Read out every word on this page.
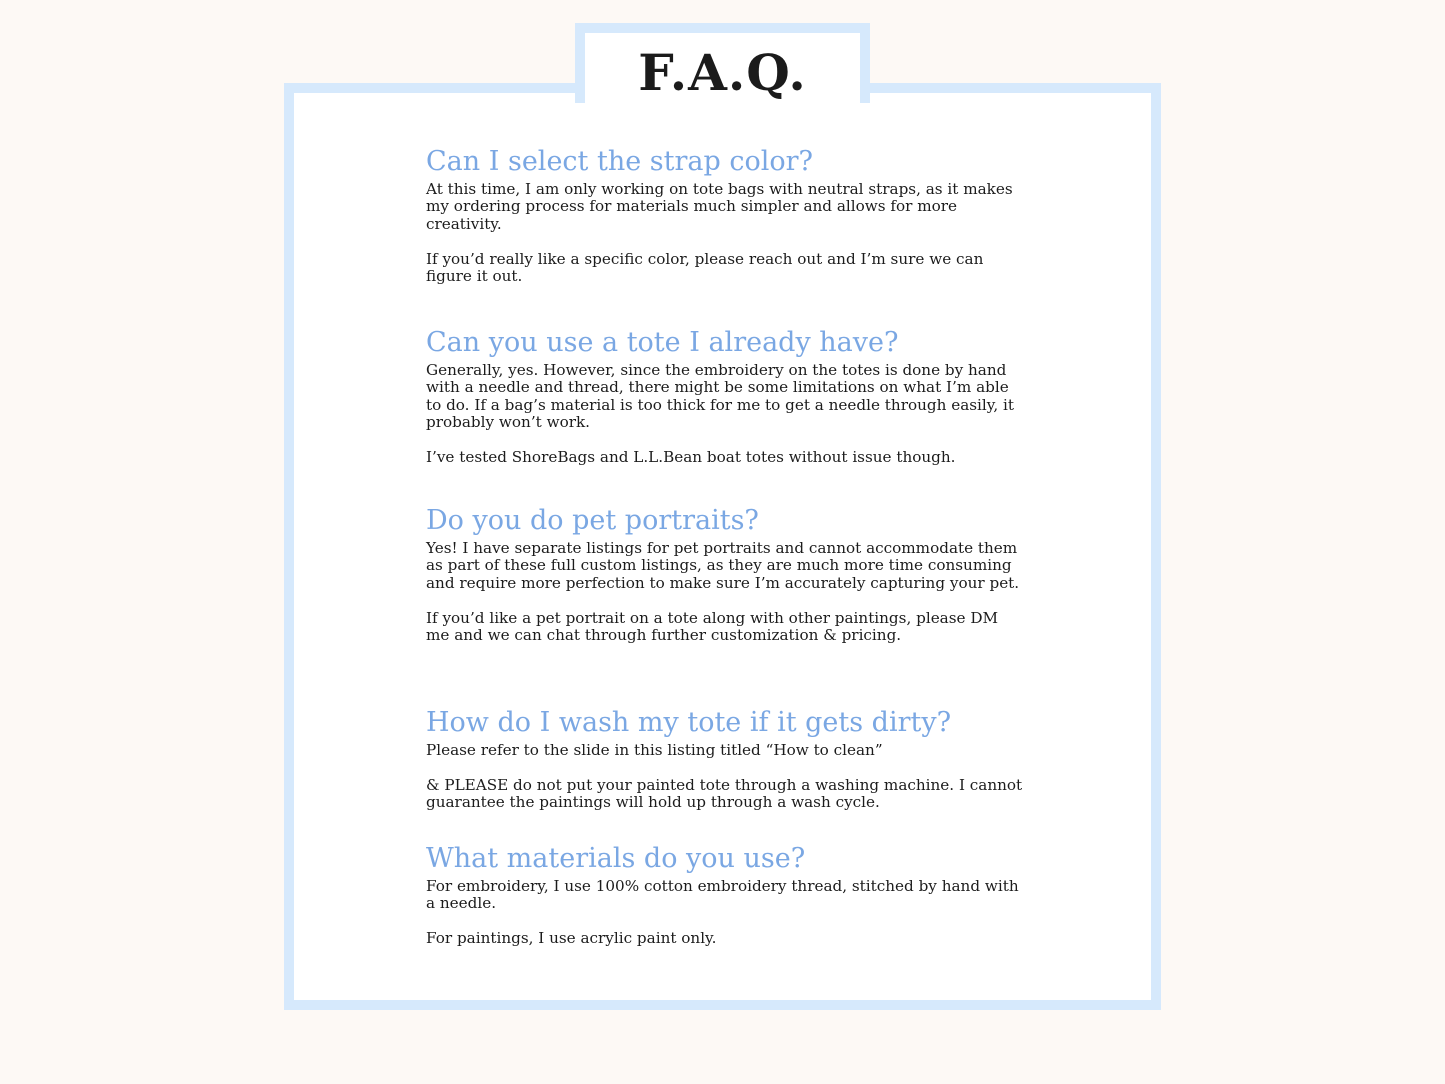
F.A.Q.
Can I select the strap color?

At this time, I am only working on tote bags with neutral straps, as it makes my ordering process for materials much simpler and allows for more creativity.

If you’d really like a specific color, please reach out and I’m sure we can figure it out.

Can you use a tote I already have?

Generally, yes. However, since the embroidery on the totes is done by hand with a needle and thread, there might be some limitations on what I’m able to do. If a bag’s material is too thick for me to get a needle through easily, it probably won’t work.

I’ve tested ShoreBags and L.L.Bean boat totes without issue though.

Do you do pet portraits?

Yes! I have separate listings for pet portraits and cannot accommodate them as part of these full custom listings, as they are much more time consuming and require more perfection to make sure I’m accurately capturing your pet.

If you’d like a pet portrait on a tote along with other paintings, please DM me and we can chat through further customization & pricing.

How do I wash my tote if it gets dirty?

Please refer to the slide in this listing titled “How to clean”

& PLEASE do not put your painted tote through a washing machine. I cannot guarantee the paintings will hold up through a wash cycle.

What materials do you use?

For embroidery, I use 100% cotton embroidery thread, stitched by hand with a needle.

For paintings, I use acrylic paint only.
